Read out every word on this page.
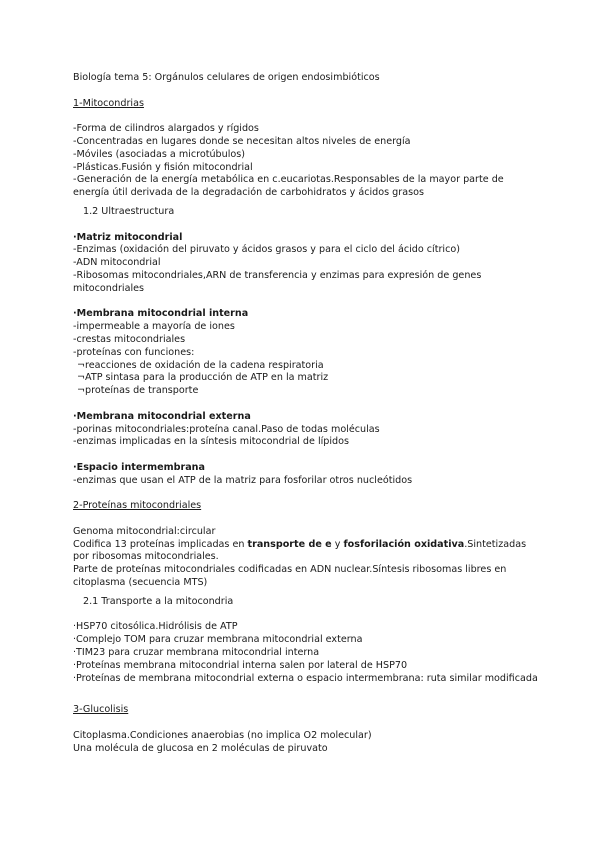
Biología tema 5: Orgánulos celulares de origen endosimbióticos

1-Mitocondrias

-Forma de cilindros alargados y rígidos

-Concentradas en lugares donde se necesitan altos niveles de energía

-Móviles (asociadas a microtúbulos)

-Plásticas.Fusión y fisión mitocondrial

-Generación de la energía metabólica en c.eucariotas.Responsables de la mayor parte de energía útil derivada de la degradación de carbohidratos y ácidos grasos

1.2 Ultraestructura

·Matriz mitocondrial

-Enzimas (oxidación del piruvato y ácidos grasos y para el ciclo del ácido cítrico)

-ADN mitocondrial

-Ribosomas mitocondriales,ARN de transferencia y enzimas para expresión de genes mitocondriales

·Membrana mitocondrial interna

-impermeable a mayoría de iones

-crestas mitocondriales

-proteínas con funciones:

¬reacciones de oxidación de la cadena respiratoria

¬ATP sintasa para la producción de ATP en la matriz

¬proteínas de transporte

·Membrana mitocondrial externa

-porinas mitocondriales:proteína canal.Paso de todas moléculas

-enzimas implicadas en la síntesis mitocondrial de lípidos

·Espacio intermembrana

-enzimas que usan el ATP de la matriz para fosforilar otros nucleótidos

2-Proteínas mitocondriales

Genoma mitocondrial:circular

Codifica 13 proteínas implicadas en transporte de e y fosforilación oxidativa.Sintetizadas por ribosomas mitocondriales.

Parte de proteínas mitocondriales codificadas en ADN nuclear.Síntesis ribosomas libres en citoplasma (secuencia MTS)

2.1 Transporte a la mitocondria

·HSP70 citosólica.Hidrólisis de ATP

·Complejo TOM para cruzar membrana mitocondrial externa

·TIM23 para cruzar membrana mitocondrial interna

·Proteínas membrana mitocondrial interna salen por lateral de HSP70

·Proteínas de membrana mitocondrial externa o espacio intermembrana: ruta similar modificada

3-Glucolisis

Citoplasma.Condiciones anaerobias (no implica O2 molecular)

Una molécula de glucosa en 2 moléculas de piruvato
